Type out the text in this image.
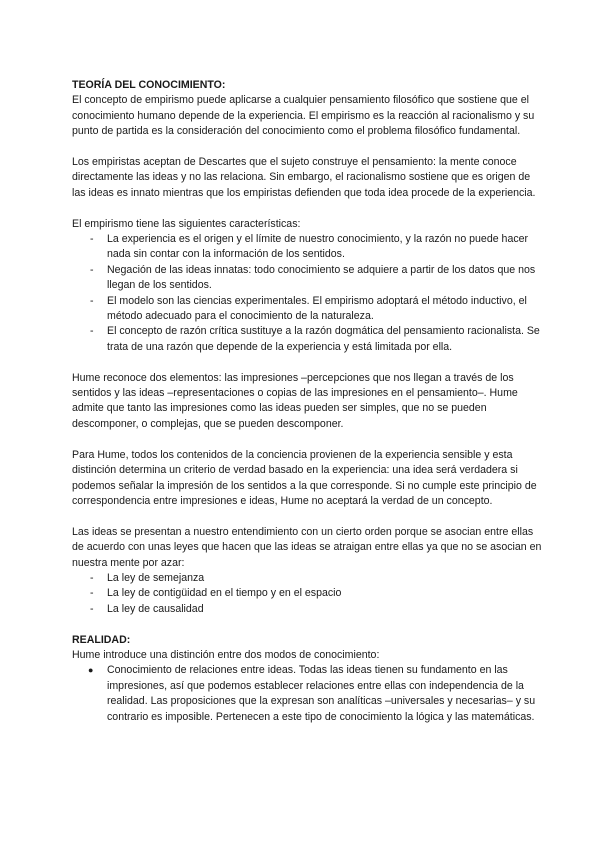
TEORÍA DEL CONOCIMIENTO:

El concepto de empirismo puede aplicarse a cualquier pensamiento filosófico que sostiene que el conocimiento humano depende de la experiencia. El empirismo es la reacción al racionalismo y su punto de partida es la consideración del conocimiento como el problema filosófico fundamental.

Los empiristas aceptan de Descartes que el sujeto construye el pensamiento: la mente conoce directamente las ideas y no las relaciona. Sin embargo, el racionalismo sostiene que es origen de las ideas es innato mientras que los empiristas defienden que toda idea procede de la experiencia.

El empirismo tiene las siguientes características:

- La experiencia es el origen y el límite de nuestro conocimiento, y la razón no puede hacer nada sin contar con la información de los sentidos.
- Negación de las ideas innatas: todo conocimiento se adquiere a partir de los datos que nos llegan de los sentidos.
- El modelo son las ciencias experimentales. El empirismo adoptará el método inductivo, el método adecuado para el conocimiento de la naturaleza.
- El concepto de razón crítica sustituye a la razón dogmática del pensamiento racionalista. Se trata de una razón que depende de la experiencia y está limitada por ella.

Hume reconoce dos elementos: las impresiones –percepciones que nos llegan a través de los sentidos y las ideas –representaciones o copias de las impresiones en el pensamiento–. Hume admite que tanto las impresiones como las ideas pueden ser simples, que no se pueden descomponer, o complejas, que se pueden descomponer.

Para Hume, todos los contenidos de la conciencia provienen de la experiencia sensible y esta distinción determina un criterio de verdad basado en la experiencia: una idea será verdadera si podemos señalar la impresión de los sentidos a la que corresponde. Si no cumple este principio de correspondencia entre impresiones e ideas, Hume no aceptará la verdad de un concepto.

Las ideas se presentan a nuestro entendimiento con un cierto orden porque se asocian entre ellas de acuerdo con unas leyes que hacen que las ideas se atraigan entre ellas ya que no se asocian en nuestra mente por azar:

- La ley de semejanza
- La ley de contigüidad en el tiempo y en el espacio
- La ley de causalidad

REALIDAD:

Hume introduce una distinción entre dos modos de conocimiento:

● Conocimiento de relaciones entre ideas. Todas las ideas tienen su fundamento en las impresiones, así que podemos establecer relaciones entre ellas con independencia de la realidad. Las proposiciones que la expresan son analíticas –universales y necesarias– y su contrario es imposible. Pertenecen a este tipo de conocimiento la lógica y las matemáticas.
